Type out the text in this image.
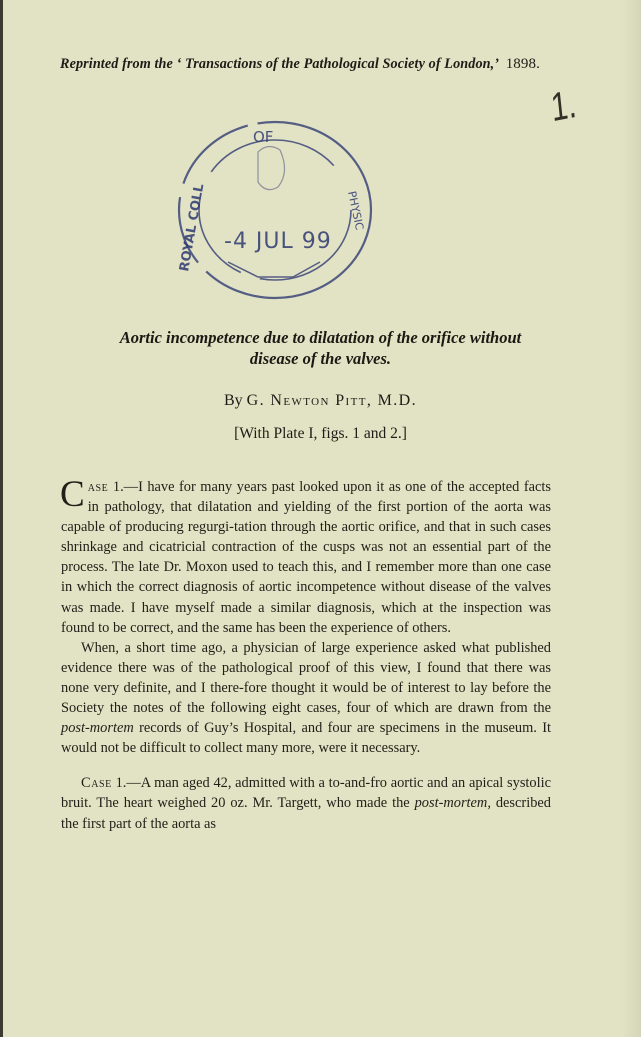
Reprinted from the ‘ Transactions of the Pathological Society of London,’ 1898.
1.
OF
-4 JUL 99
ROYAL COLL	PHYSIC
Aortic incompetence due to dilatation of the orifice without
disease of the valves.
By G. Newton Pitt, M.D.
[With Plate I, figs. 1 and 2.]

Case 1.—I have for many years past looked upon it as one of the accepted facts in pathology, that dilatation and yielding of the first portion of the aorta was capable of producing regurgi-tation through the aortic orifice, and that in such cases shrinkage and cicatricial contraction of the cusps was not an essential part of the process. The late Dr. Moxon used to teach this, and I remember more than one case in which the correct diagnosis of aortic incompetence without disease of the valves was made. I have myself made a similar diagnosis, which at the inspection was found to be correct, and the same has been the experience of others.

When, a short time ago, a physician of large experience asked what published evidence there was of the pathological proof of this view, I found that there was none very definite, and I there-fore thought it would be of interest to lay before the Society the notes of the following eight cases, four of which are drawn from the post-mortem records of Guy’s Hospital, and four are specimens in the museum. It would not be difficult to collect many more, were it necessary.

Case 1.—A man aged 42, admitted with a to-and-fro aortic and an apical systolic bruit. The heart weighed 20 oz. Mr. Targett, who made the post-mortem, described the first part of the aorta as
